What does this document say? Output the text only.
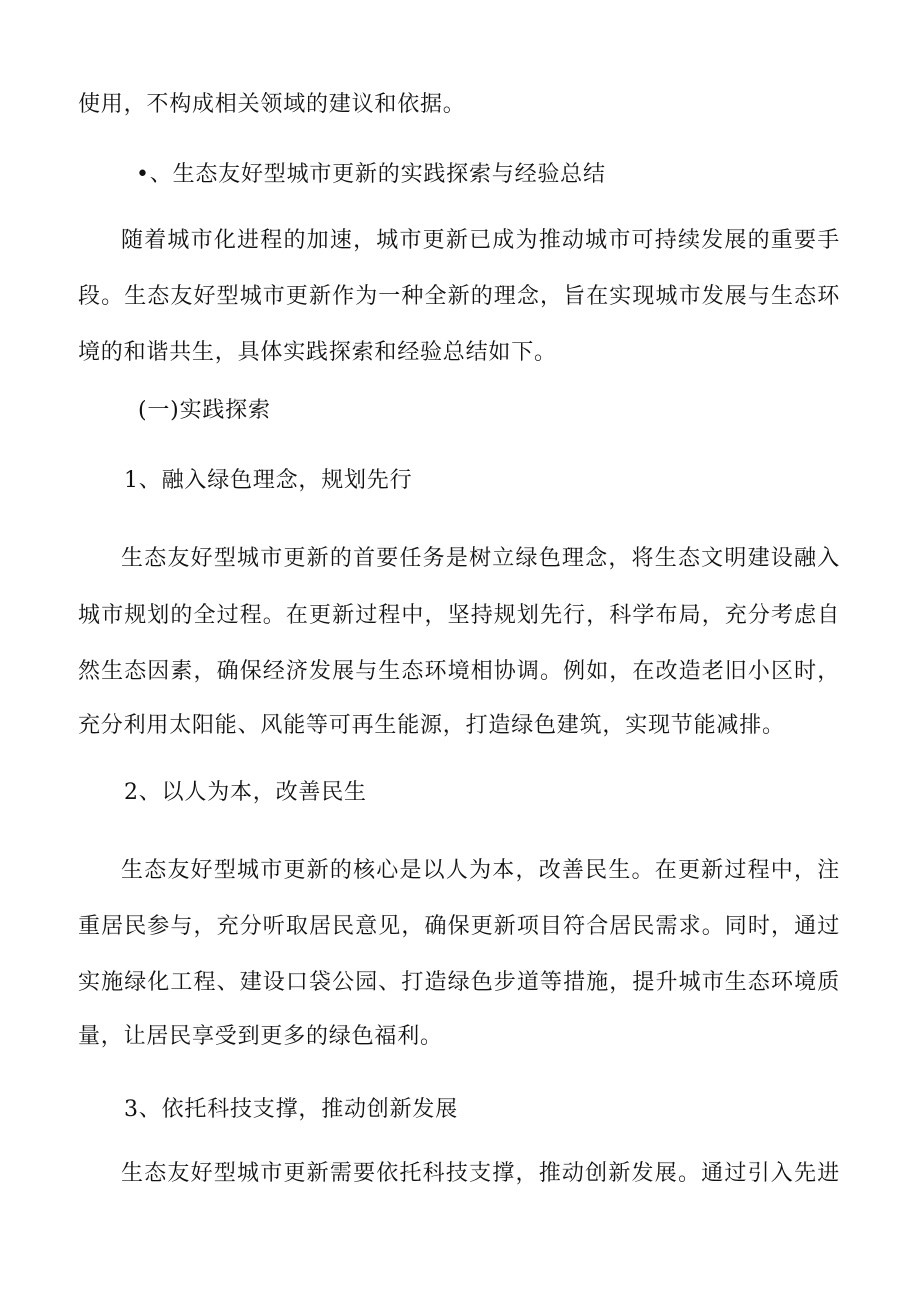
使用，不构成相关领域的建议和依据。
•、生态友好型城市更新的实践探索与经验总结
随着城市化进程的加速，城市更新已成为推动城市可持续发展的重要手
段。生态友好型城市更新作为一种全新的理念，旨在实现城市发展与生态环
境的和谐共生，具体实践探索和经验总结如下。
(一)实践探索
1、融入绿色理念，规划先行
生态友好型城市更新的首要任务是树立绿色理念，将生态文明建设融入
城市规划的全过程。在更新过程中，坚持规划先行，科学布局，充分考虑自
然生态因素，确保经济发展与生态环境相协调。例如，在改造老旧小区时，
充分利用太阳能、风能等可再生能源，打造绿色建筑，实现节能减排。
2、以人为本，改善民生
生态友好型城市更新的核心是以人为本，改善民生。在更新过程中，注
重居民参与，充分听取居民意见，确保更新项目符合居民需求。同时，通过
实施绿化工程、建设口袋公园、打造绿色步道等措施，提升城市生态环境质
量，让居民享受到更多的绿色福利。
3、依托科技支撑，推动创新发展
生态友好型城市更新需要依托科技支撑，推动创新发展。通过引入先进
